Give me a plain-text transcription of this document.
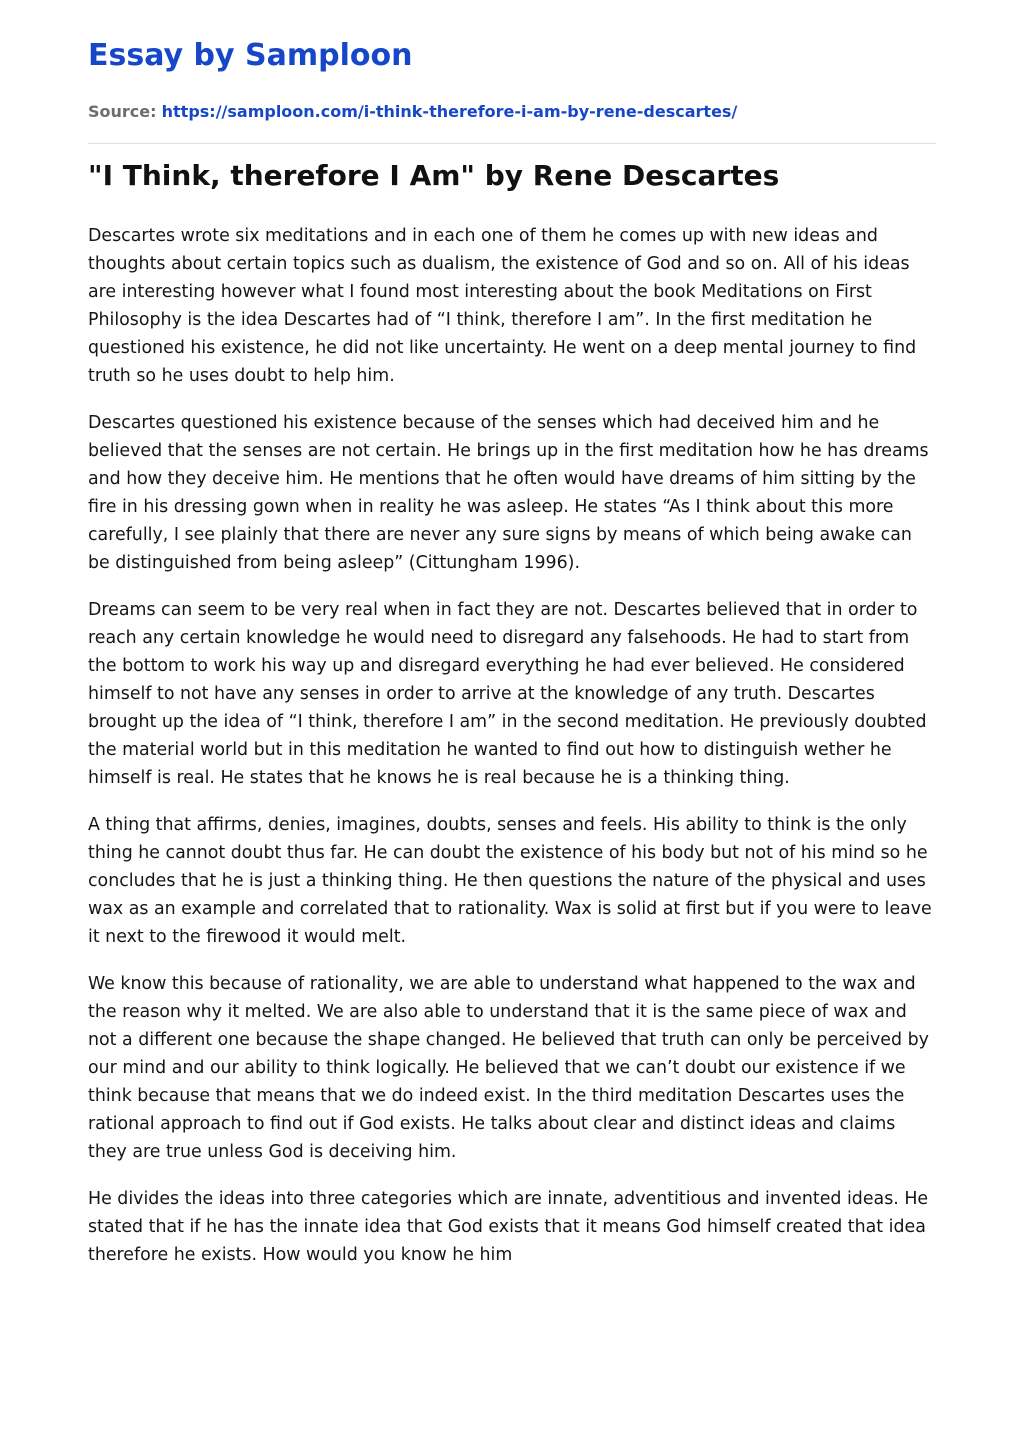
Essay by Samploon
Source: https://samploon.com/i-think-therefore-i-am-by-rene-descartes/
"I Think, therefore I Am" by Rene Descartes

Descartes wrote six meditations and in each one of them he comes up with new ideas and thoughts about certain topics such as dualism, the existence of God and so on. All of his ideas are interesting however what I found most interesting about the book Meditations on First Philosophy is the idea Descartes had of “I think, therefore I am”. In the first meditation he questioned his existence, he did not like uncertainty. He went on a deep mental journey to find truth so he uses doubt to help him.

Descartes questioned his existence because of the senses which had deceived him and he believed that the senses are not certain. He brings up in the first meditation how he has dreams and how they deceive him. He mentions that he often would have dreams of him sitting by the fire in his dressing gown when in reality he was asleep. He states “As I think about this more carefully, I see plainly that there are never any sure signs by means of which being awake can be distinguished from being asleep” (Cittungham 1996).

Dreams can seem to be very real when in fact they are not. Descartes believed that in order to reach any certain knowledge he would need to disregard any falsehoods. He had to start from the bottom to work his way up and disregard everything he had ever believed. He considered himself to not have any senses in order to arrive at the knowledge of any truth. Descartes brought up the idea of “I think, therefore I am” in the second meditation. He previously doubted the material world but in this meditation he wanted to find out how to distinguish wether he himself is real. He states that he knows he is real because he is a thinking thing.

A thing that affirms, denies, imagines, doubts, senses and feels. His ability to think is the only thing he cannot doubt thus far. He can doubt the existence of his body but not of his mind so he concludes that he is just a thinking thing. He then questions the nature of the physical and uses wax as an example and correlated that to rationality. Wax is solid at first but if you were to leave it next to the firewood it would melt.

We know this because of rationality, we are able to understand what happened to the wax and the reason why it melted. We are also able to understand that it is the same piece of wax and not a different one because the shape changed. He believed that truth can only be perceived by our mind and our ability to think logically. He believed that we can’t doubt our existence if we think because that means that we do indeed exist. In the third meditation Descartes uses the rational approach to find out if God exists. He talks about clear and distinct ideas and claims they are true unless God is deceiving him.

He divides the ideas into three categories which are innate, adventitious and invented ideas. He stated that if he has the innate idea that God exists that it means God himself created that idea therefore he exists. How would you know he him
